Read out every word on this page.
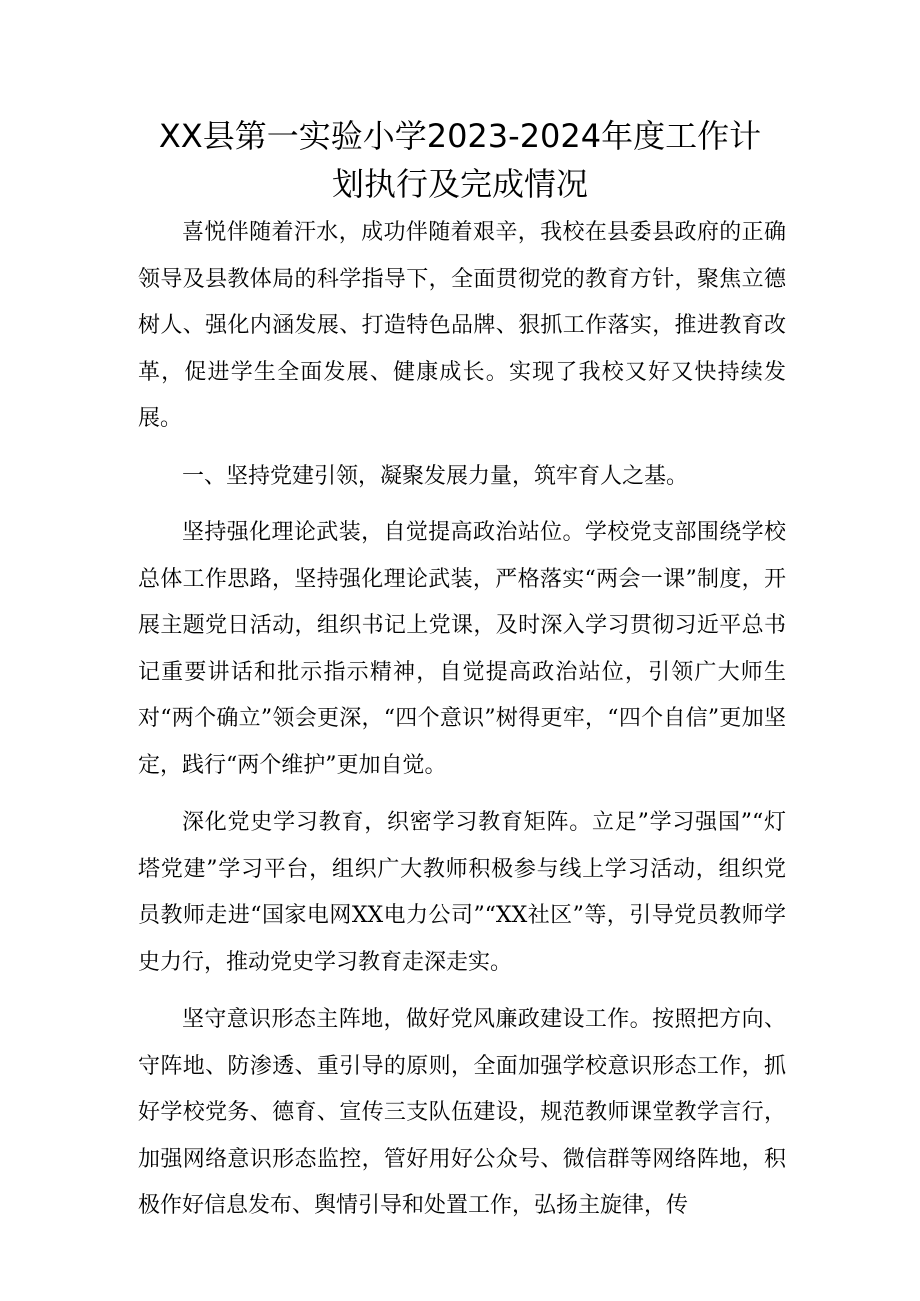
XX县第一实验小学2023-2024年度工作计
划执行及完成情况

喜悦伴随着汗水，成功伴随着艰辛，我校在县委县政府的正确领导及县教体局的科学指导下，全面贯彻党的教育方针，聚焦立德树人、强化内涵发展、打造特色品牌、狠抓工作落实，推进教育改革，促进学生全面发展、健康成长。实现了我校又好又快持续发展。

一、坚持党建引领，凝聚发展力量，筑牢育人之基。

坚持强化理论武装，自觉提高政治站位。学校党支部围绕学校总体工作思路，坚持强化理论武装，严格落实“两会一课”制度，开展主题党日活动，组织书记上党课，及时深入学习贯彻习近平总书记重要讲话和批示指示精神，自觉提高政治站位，引领广大师生对“两个确立”领会更深，“四个意识”树得更牢，“四个自信”更加坚定，践行“两个维护”更加自觉。

深化党史学习教育，织密学习教育矩阵。立足”学习强国”“灯塔党建”学习平台，组织广大教师积极参与线上学习活动，组织党员教师走进“国家电网XX电力公司”“XX社区”等，引导党员教师学史力行，推动党史学习教育走深走实。

坚守意识形态主阵地，做好党风廉政建设工作。按照把方向、守阵地、防渗透、重引导的原则，全面加强学校意识形态工作，抓好学校党务、德育、宣传三支队伍建设，规范教师课堂教学言行，加强网络意识形态监控，管好用好公众号、微信群等网络阵地，积极作好信息发布、舆情引导和处置工作，弘扬主旋律，传
